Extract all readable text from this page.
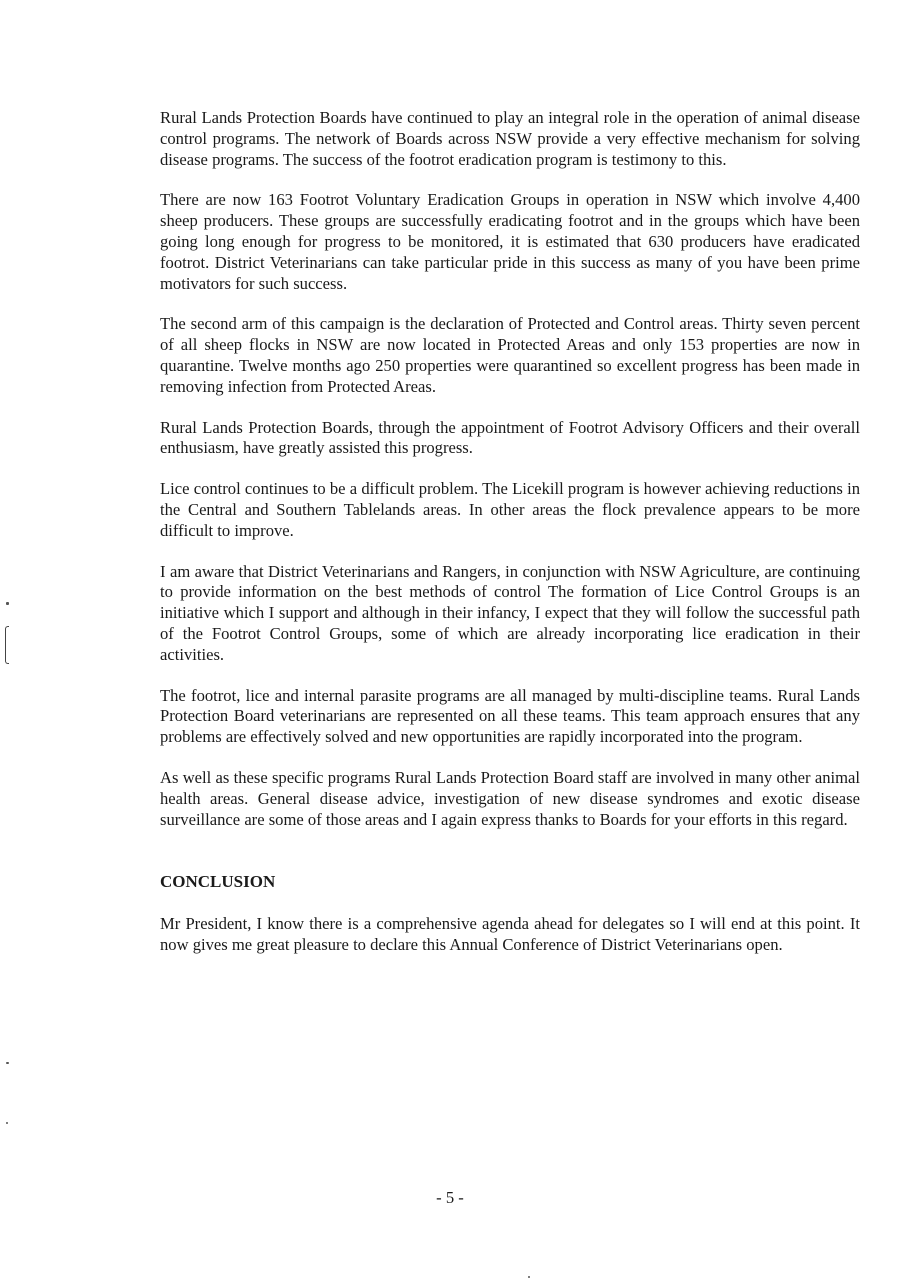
Rural Lands Protection Boards have continued to play an integral role in the operation of animal disease control programs. The network of Boards across NSW provide a very effective mechanism for solving disease programs. The success of the footrot eradication program is testimony to this.

There are now 163 Footrot Voluntary Eradication Groups in operation in NSW which involve 4,400 sheep producers. These groups are successfully eradicating footrot and in the groups which have been going long enough for progress to be monitored, it is estimated that 630 producers have eradicated footrot. District Veterinarians can take particular pride in this success as many of you have been prime motivators for such success.

The second arm of this campaign is the declaration of Protected and Control areas. Thirty seven percent of all sheep flocks in NSW are now located in Protected Areas and only 153 properties are now in quarantine. Twelve months ago 250 properties were quarantined so excellent progress has been made in removing infection from Protected Areas.

Rural Lands Protection Boards, through the appointment of Footrot Advisory Officers and their overall enthusiasm, have greatly assisted this progress.

Lice control continues to be a difficult problem. The Licekill program is however achieving reductions in the Central and Southern Tablelands areas. In other areas the flock prevalence appears to be more difficult to improve.

I am aware that District Veterinarians and Rangers, in conjunction with NSW Agriculture, are continuing to provide information on the best methods of control The formation of Lice Control Groups is an initiative which I support and although in their infancy, I expect that they will follow the successful path of the Footrot Control Groups, some of which are already incorporating lice eradication in their activities.

The footrot, lice and internal parasite programs are all managed by multi-discipline teams. Rural Lands Protection Board veterinarians are represented on all these teams. This team approach ensures that any problems are effectively solved and new opportunities are rapidly incorporated into the program.

As well as these specific programs Rural Lands Protection Board staff are involved in many other animal health areas. General disease advice, investigation of new disease syndromes and exotic disease surveillance are some of those areas and I again express thanks to Boards for your efforts in this regard.

CONCLUSION

Mr President, I know there is a comprehensive agenda ahead for delegates so I will end at this point. It now gives me great pleasure to declare this Annual Conference of District Veterinarians open.

- 5 -
